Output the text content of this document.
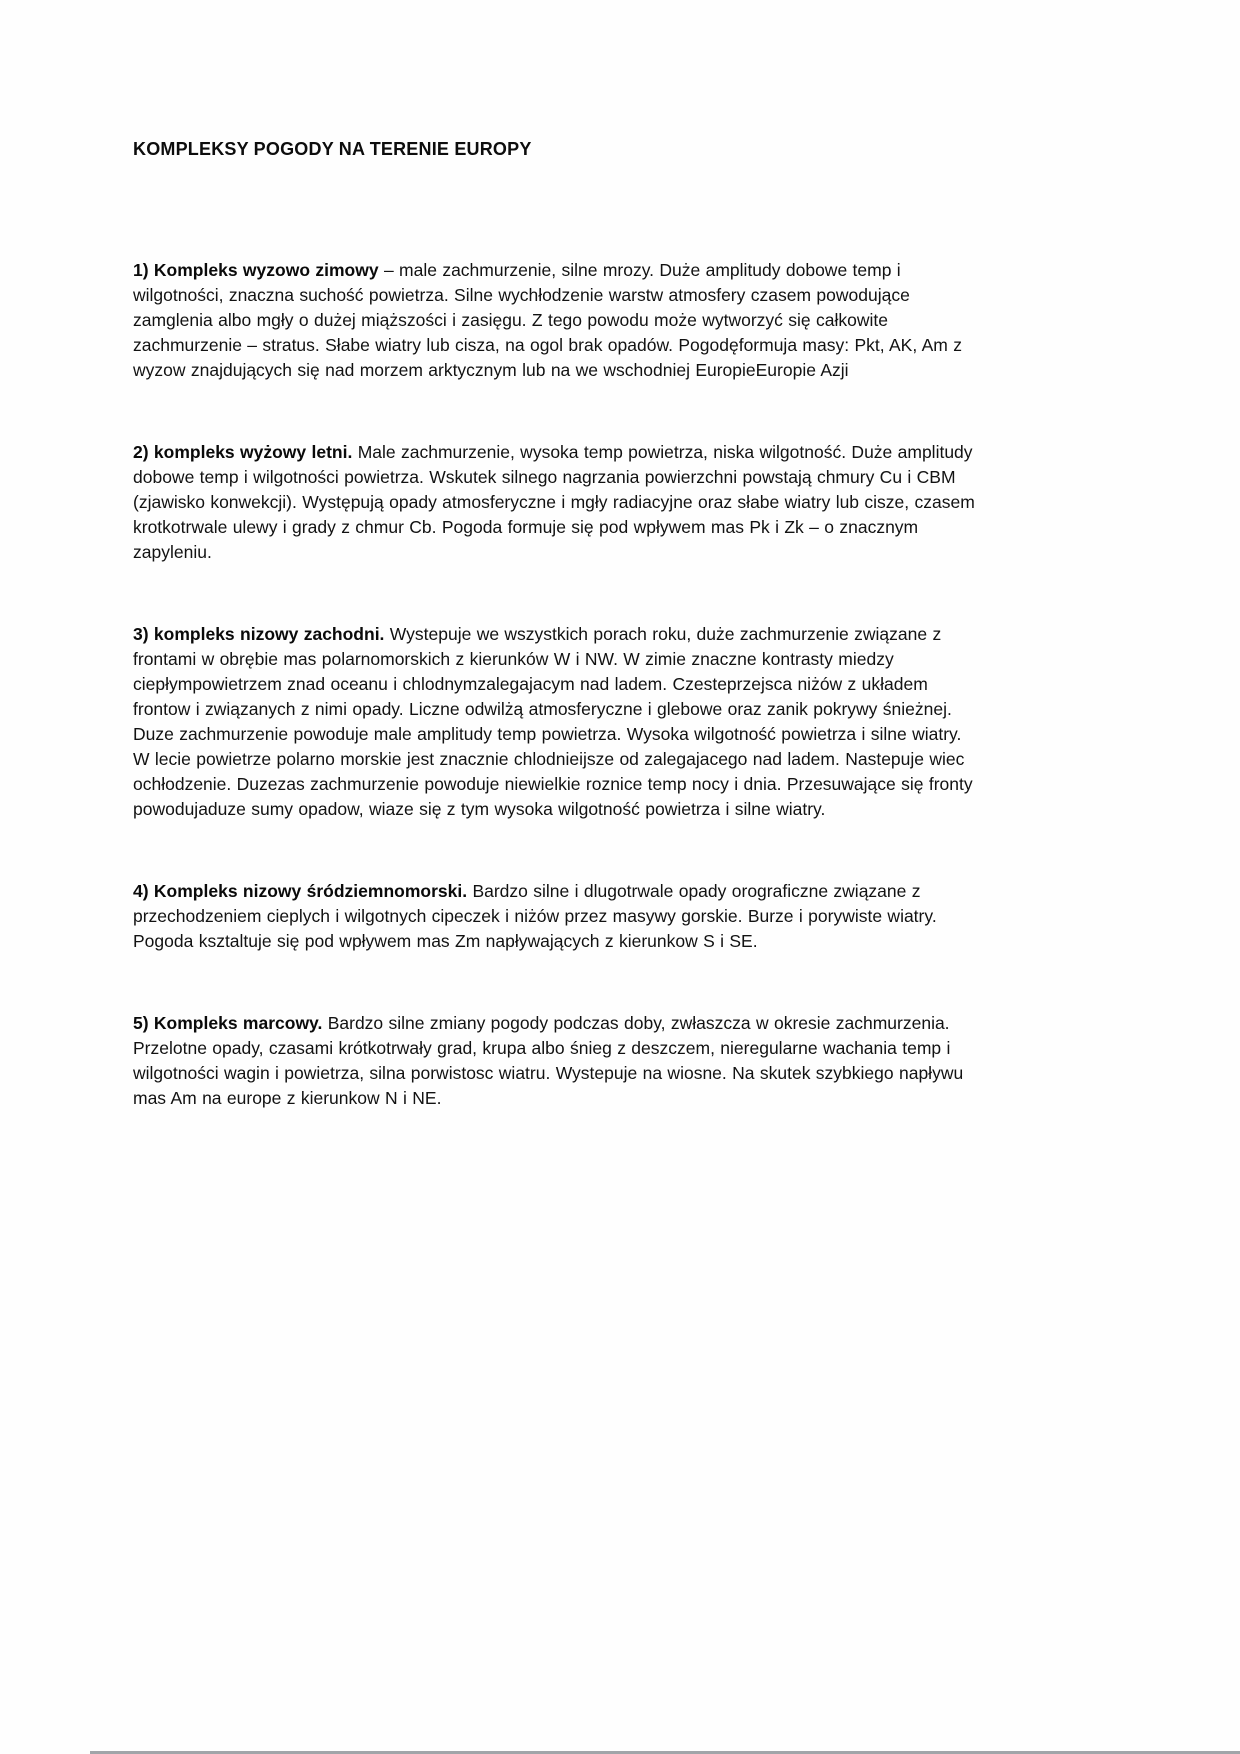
KOMPLEKSY POGODY NA TERENIE EUROPY

1) Kompleks wyzowo zimowy – male zachmurzenie, silne mrozy. Duże amplitudy dobowe temp i wilgotności, znaczna suchość powietrza. Silne wychłodzenie warstw atmosfery czasem powodujące zamglenia albo mgły o dużej miąższości i zasięgu. Z tego powodu może wytworzyć się całkowite zachmurzenie – stratus. Słabe wiatry lub cisza, na ogol brak opadów. Pogodęformuja masy: Pkt, AK, Am z wyzow znajdujących się nad morzem arktycznym lub na we wschodniej EuropieEuropie Azji

2) kompleks wyżowy letni. Male zachmurzenie, wysoka temp powietrza, niska wilgotność. Duże amplitudy dobowe temp i wilgotności powietrza. Wskutek silnego nagrzania powierzchni powstają chmury Cu i CBM (zjawisko konwekcji). Występują opady atmosferyczne i mgły radiacyjne oraz słabe wiatry lub cisze, czasem krotkotrwale ulewy i grady z chmur Cb. Pogoda formuje się pod wpływem mas Pk i Zk – o znacznym zapyleniu.

3) kompleks nizowy zachodni. Wystepuje we wszystkich porach roku, duże zachmurzenie związane z frontami w obrębie mas polarnomorskich z kierunków W i NW. W zimie znaczne kontrasty miedzy ciepłympowietrzem znad oceanu i chlodnymzalegajacym nad ladem. Czesteprzejsca niżów z układem frontow i związanych z nimi opady. Liczne odwilżą atmosferyczne i glebowe oraz zanik pokrywy śnieżnej. Duze zachmurzenie powoduje male amplitudy temp powietrza. Wysoka wilgotność powietrza i silne wiatry. W lecie powietrze polarno morskie jest znacznie chlodnieijsze od zalegajacego nad ladem. Nastepuje wiec ochłodzenie. Duzezas zachmurzenie powoduje niewielkie roznice temp nocy i dnia. Przesuwające się fronty powodujaduze sumy opadow, wiaze się z tym wysoka wilgotność powietrza i silne wiatry.

4) Kompleks nizowy śródziemnomorski. Bardzo silne i dlugotrwale opady orograficzne związane z przechodzeniem cieplych i wilgotnych cipeczek i niżów przez masywy gorskie. Burze i porywiste wiatry. Pogoda ksztaltuje się pod wpływem mas Zm napływających z kierunkow S i SE.

5) Kompleks marcowy. Bardzo silne zmiany pogody podczas doby, zwłaszcza w okresie zachmurzenia. Przelotne opady, czasami krótkotrwały grad, krupa albo śnieg z deszczem, nieregularne wachania temp i wilgotności wagin i powietrza, silna porwistosc wiatru. Wystepuje na wiosne. Na skutek szybkiego napływu mas Am na europe z kierunkow N i NE.
